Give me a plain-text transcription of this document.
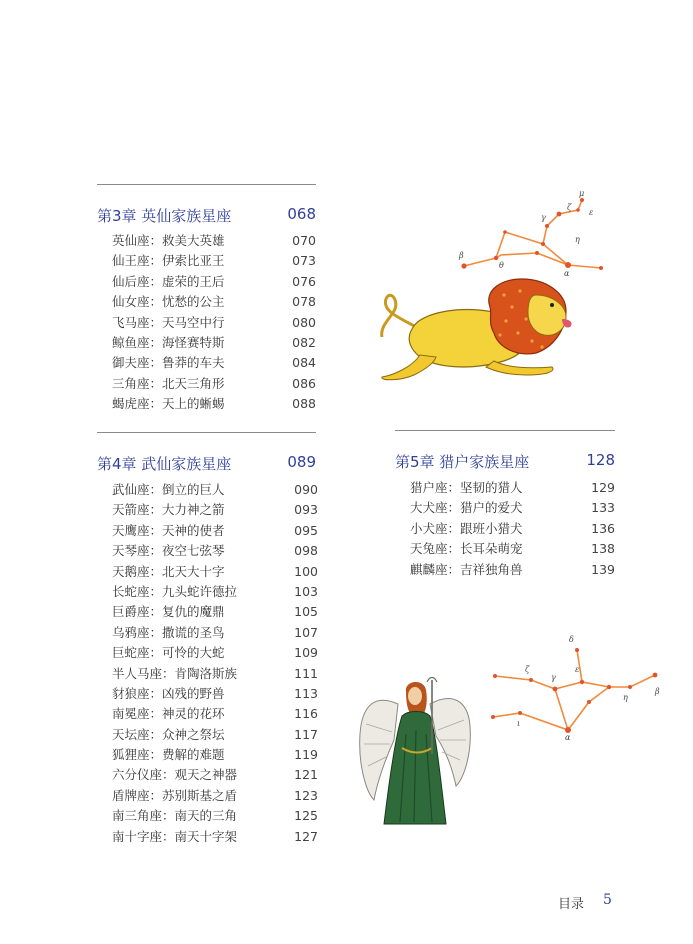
第3章 英仙家族星座	068
英仙座：救美大英雄	070
仙王座：伊索比亚王	073
仙后座：虚荣的王后	076
仙女座：忧愁的公主	078
飞马座：天马空中行	080
鲸鱼座：海怪赛特斯	082
御夫座：鲁莽的车夫	084
三角座：北天三角形	086
蝎虎座：天上的蜥蜴	088
第4章 武仙家族星座	089
武仙座：倒立的巨人	090
天箭座：大力神之箭	093
天鹰座：天神的使者	095
天琴座：夜空七弦琴	098
天鹅座：北天大十字	100
长蛇座：九头蛇许德拉	103
巨爵座：复仇的魔鼎	105
乌鸦座：撒谎的圣鸟	107
巨蛇座：可怜的大蛇	109
半人马座：肯陶洛斯族	111
豺狼座：凶残的野兽	113
南冕座：神灵的花环	116
天坛座：众神之祭坛	117
狐狸座：费解的难题	119
六分仪座：观天之神器	121
盾牌座：苏别斯基之盾	123
南三角座：南天的三角	125
南十字座：南天十字架	127
第5章 猎户家族星座	128
猎户座：坚韧的猎人	129
大犬座：猎户的爱犬	133
小犬座：跟班小猎犬	136
天兔座：长耳朵萌宠	138
麒麟座：吉祥独角兽	139
μ
ε
ζ
γ
η
β
θ
α
δ
ζ
γ
ε
η
β
ι
α
目录 5
